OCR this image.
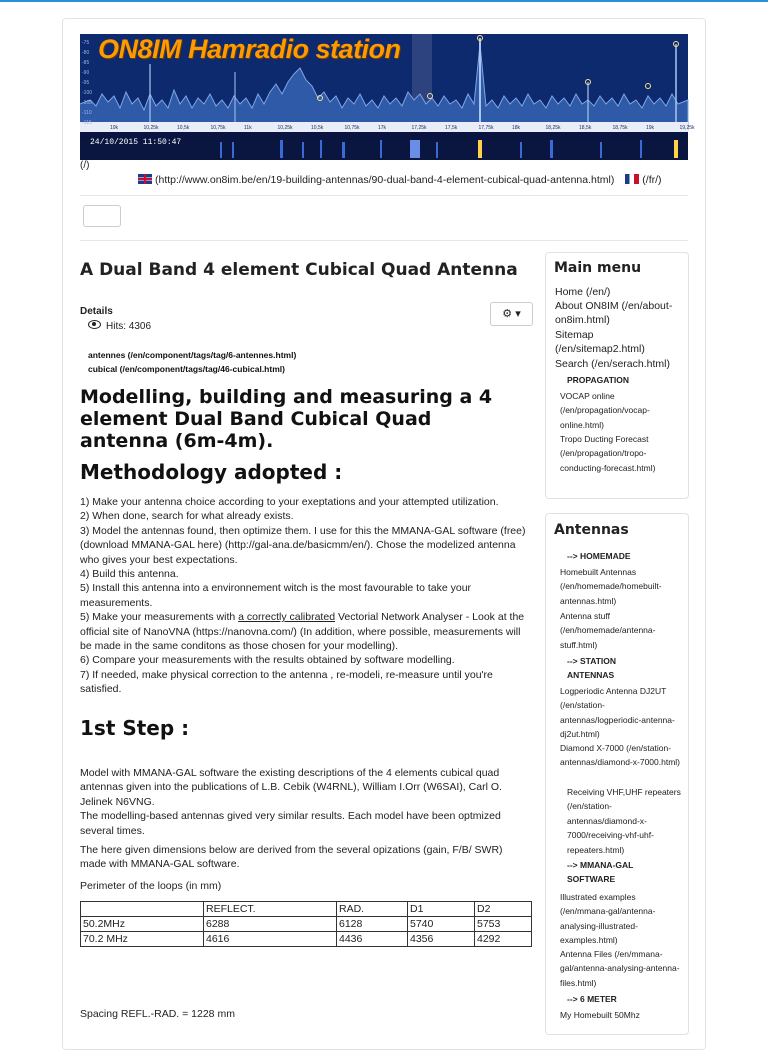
-75
-80
-85
-90
-95
-100
-105
-110
-115
10k	10,25k	10,5k	10,75k	11k	10,25k	10,5k	10,75k	17k	17,25k	17,5k	17,75k	18k	18,25k	18,5k	18,75k	19k	19,25k
ON8IM Hamradio station
24/10/2015 11:50:47
(/)
(http://www.on8im.be/en/19-building-antennas/90-dual-band-4-element-cubical-quad-antenna.html)	(/fr/)
A Dual Band 4 element Cubical Quad Antenna
Details
Hits: 4306
⚙ ▾
antennes (/en/component/tags/tag/6-antennes.html)
cubical (/en/component/tags/tag/46-cubical.html)
Modelling, building and measuring a 4 element Dual Band Cubical Quad antenna (6m-4m).
Methodology adopted :
1) Make your antenna choice according to your exeptations and your attempted utilization.
2) When done, search for what already exists.
3) Model the antennas found, then optimize them. I use for this the MMANA-GAL software (free) (download MMANA-GAL here) (http://gal-ana.de/basicmm/en/). Chose the modelized antenna who gives your best expectations.
4) Build this antenna.
5) Install this antenna into a environnement witch is the most favourable to take your measurements.
5) Make your measurements with a correctly calibrated Vectorial Network Analyser - Look at the official site of NanoVNA (https://nanovna.com/) (In addition, where possible, measurements will be made in the same conditons as those chosen for your modelling).
6) Compare your measurements with the results obtained by software modelling.
7) If needed, make physical correction to the antenna , re-modeli, re-measure until you're satisfied.
1st Step :
Model with MMANA-GAL software the existing descriptions of the 4 elements cubical quad antennas given into the publications of L.B. Cebik (W4RNL), William I.Orr (W6SAI), Carl O. Jelinek N6VNG.
The modelling-based antennas gived very similar results. Each model have been optmized several times.
The here given dimensions below are derived from the several opizations (gain, F/B/ SWR) made with MMANA-GAL software.
Perimeter of the loops (in mm)
	REFLECT.	RAD.	D1	D2
50.2MHz	6288	6128	5740	5753
70.2 MHz	4616	4436	4356	4292
Spacing REFL.-RAD. = 1228 mm
Main menu
Home (/en/)
About ON8IM (/en/about-on8im.html)
Sitemap (/en/sitemap2.html)
Search (/en/serach.html)
PROPAGATION
VOCAP online (/en/propagation/vocap-online.html)
Tropo Ducting Forecast (/en/propagation/tropo-conducting-forecast.html)
Antennas
--> HOMEMADE
Homebuilt Antennas (/en/homemade/homebuilt-antennas.html)
Antenna stuff (/en/homemade/antenna-stuff.html)
--> STATION ANTENNAS
Logperiodic Antenna DJ2UT (/en/station-antennas/logperiodic-antenna-dj2ut.html)
Diamond X-7000 (/en/station-antennas/diamond-x-7000.html)
Receiving VHF,UHF repeaters (/en/station-antennas/diamond-x-7000/receiving-vhf-uhf-repeaters.html)
--> MMANA-GAL SOFTWARE
Illustrated examples (/en/mmana-gal/antenna-analysing-illustrated-examples.html)
Antenna Files (/en/mmana-gal/antenna-analysing-antenna-files.html)
--> 6 METER
My Homebuilt 50Mhz
